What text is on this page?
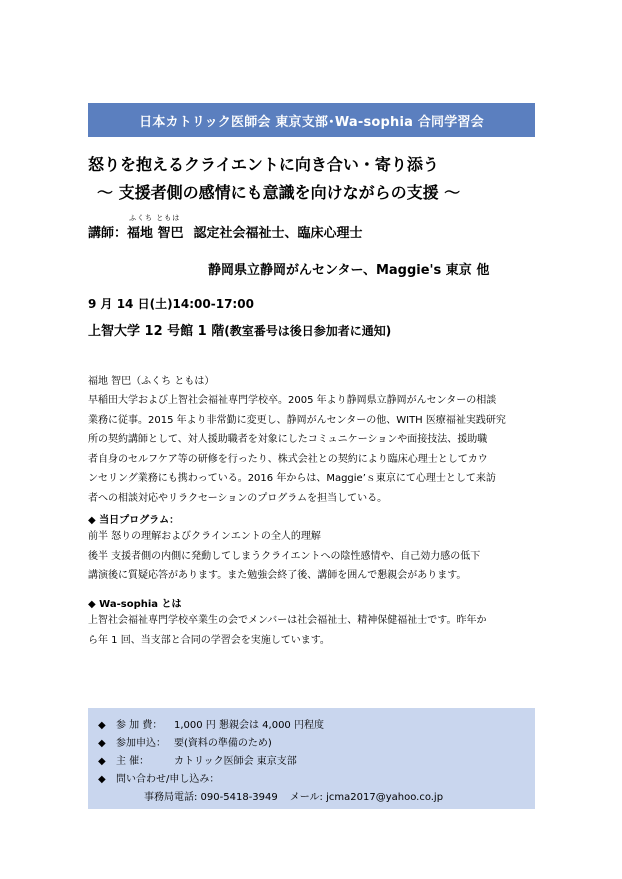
日本カトリック医師会 東京支部･Wa-sophia 合同学習会
怒りを抱えるクライエントに向き合い・寄り添う
～ 支援者側の感情にも意識を向けながらの支援 ～
講師：
ふくち ともは
福地 智巴 認定社会福祉士、臨床心理士
静岡県立静岡がんセンター、Maggie's 東京 他
9 月 14 日(土)14:00-17:00
上智大学 12 号館 1 階(教室番号は後日参加者に通知)
福地 智巴（ふくち ともは）
早稲田大学および上智社会福祉専門学校卒。2005 年より静岡県立静岡がんセンターの相談
業務に従事。2015 年より非常勤に変更し、静岡がんセンターの他、WITH 医療福祉実践研究
所の契約講師として、対人援助職者を対象にしたコミュニケーションや面接技法、援助職
者自身のセルフケア等の研修を行ったり、株式会社との契約により臨床心理士としてカウ
ンセリング業務にも携わっている。2016 年からは、Maggie’ｓ東京にて心理士として来訪
者への相談対応やリラクセーションのプログラムを担当している。
◆ 当日プログラム：
前半 怒りの理解およびクラインエントの全人的理解
後半 支援者側の内側に発動してしまうクライエントへの陰性感情や、自己効力感の低下
講演後に質疑応答があります。また勉強会終了後、講師を囲んで懇親会があります。
◆ Wa-sophia とは
上智社会福祉専門学校卒業生の会でメンバーは社会福祉士、精神保健福祉士です。昨年か
ら年 1 回、当支部と合同の学習会を実施しています。
◆ 参 加 費： 1,000 円 懇親会は 4,000 円程度
◆ 参加申込： 要(資料の準備のため)
◆ 主 催： カトリック医師会 東京支部
◆ 問い合わせ/申し込み：
事務局電話: 090-5418-3949 メール: jcma2017@yahoo.co.jp
